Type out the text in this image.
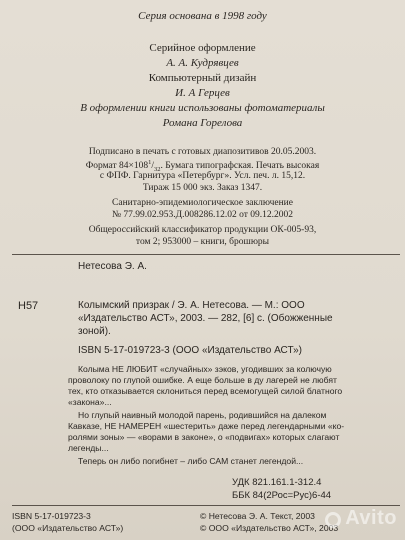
Серия основана в 1998 году
Серийное оформление
А. А. Кудрявцев
Компьютерный дизайн
И. А Герцев
В оформлении книги использованы фотоматериалы
Романа Горелова
Подписано в печать с готовых диапозитивов 20.05.2003.
Формат $84\times 108^1/_{32}$. Бумага типографская. Печать высокая
с ФПФ. Гарнитура «Петербург». Усл. печ. л. 15,12.
Тираж 15 000 экз. Заказ 1347.
Санитарно-эпидемиологическое заключение
№ 77.99.02.953.Д.008286.12.02 от 09.12.2002
Общероссийский классификатор продукции ОК-005-93,
том 2; 953000 – книги, брошюры
Нетесова Э. А.
Н57	Колымский призрак / Э. А. Нетесова. — М.: ООО
«Издательство АСТ», 2003. — 282, [6] с. (Обожженные
зоной).
ISBN 5-17-019723-3 (ООО «Издательство АСТ»)
Колыма НЕ ЛЮБИТ «случайных» зэков, угодивших за колючую
проволоку по глупой ошибке. А еще больше в ду лагерей не любят
тех, кто отказывается склониться перед всемогущей силой блатного
«закона»...
Но глупый наивный молодой парень, родившийся на далеком
Кавказе, НЕ НАМЕРЕН «шестерить» даже перед легендарными «ко-
ролями зоны» — «ворами в законе», о «подвигах» которых слагают
легенды...
Теперь он либо погибнет – либо САМ станет легендой...
УДК 821.161.1-312.4
ББК 84(2Рос=Рус)6-44
ISBN 5-17-019723-3
(ООО «Издательство АСТ»)
© Нетесова Э. А. Текст, 2003
© ООО «Издательство АСТ», 2003 Avito
